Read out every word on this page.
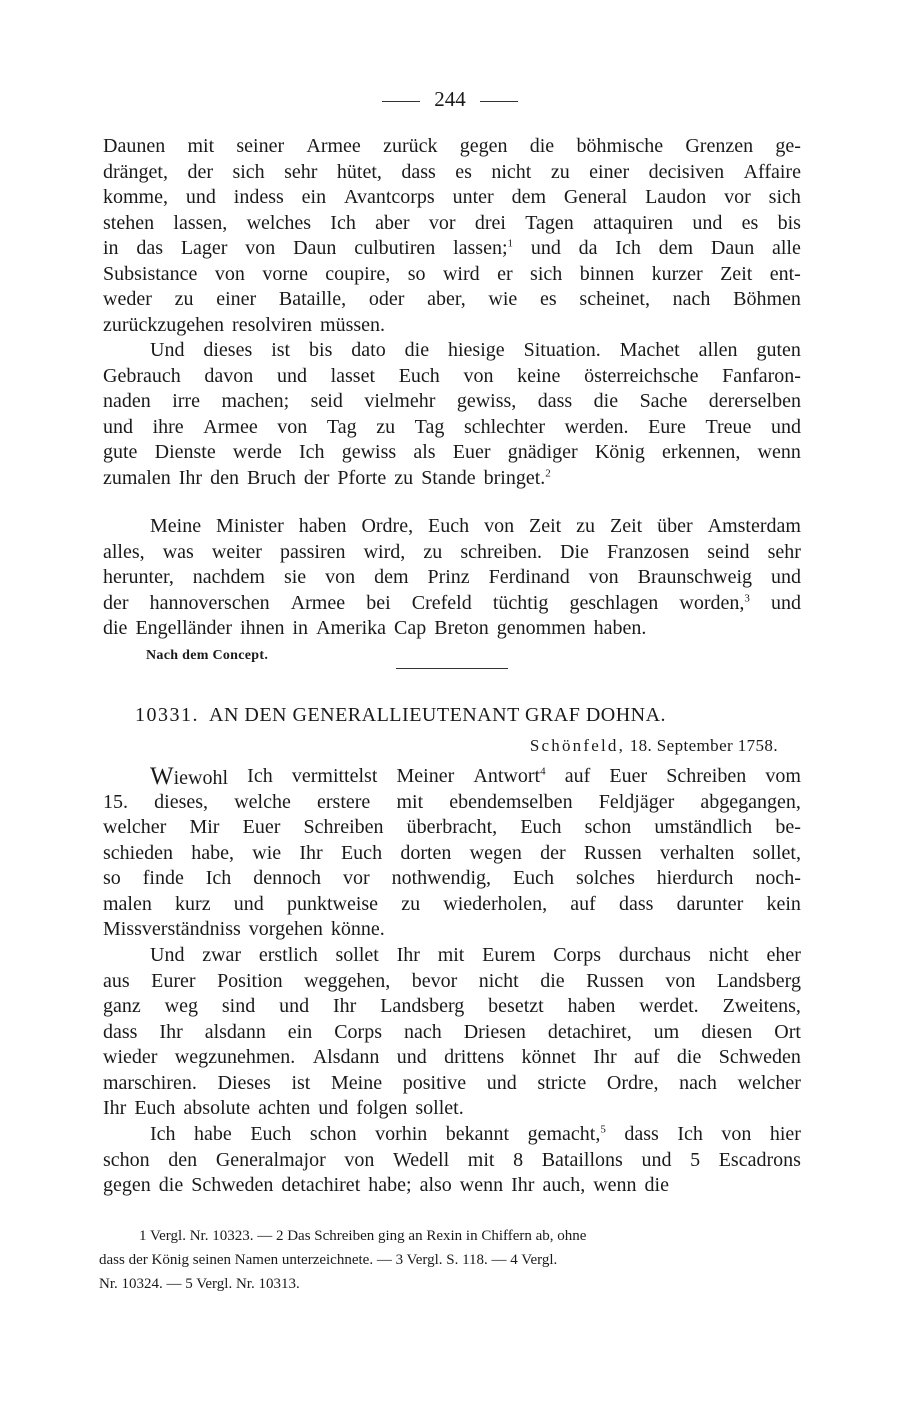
244
Daunen mit seiner Armee zurück gegen die böhmische Grenzen ge-
dränget, der sich sehr hütet, dass es nicht zu einer decisiven Affaire
komme, und indess ein Avantcorps unter dem General Laudon vor sich
stehen lassen, welches Ich aber vor drei Tagen attaquiren und es bis
in das Lager von Daun culbutiren lassen;$^1$ und da Ich dem Daun alle
Subsistance von vorne coupire, so wird er sich binnen kurzer Zeit ent-
weder zu einer Bataille, oder aber, wie es scheinet, nach Böhmen
zurückzugehen resolviren müssen.
Und dieses ist bis dato die hiesige Situation. Machet allen guten
Gebrauch davon und lasset Euch von keine österreichsche Fanfaron-
naden irre machen; seid vielmehr gewiss, dass die Sache dererselben
und ihre Armee von Tag zu Tag schlechter werden. Eure Treue und
gute Dienste werde Ich gewiss als Euer gnädiger König erkennen, wenn
zumalen Ihr den Bruch der Pforte zu Stande bringet.$^2$
Meine Minister haben Ordre, Euch von Zeit zu Zeit über Amsterdam
alles, was weiter passiren wird, zu schreiben. Die Franzosen seind sehr
herunter, nachdem sie von dem Prinz Ferdinand von Braunschweig und
der hannoverschen Armee bei Crefeld tüchtig geschlagen worden,$^3$ und
die Engelländer ihnen in Amerika Cap Breton genommen haben.
Nach dem Concept.
10331. AN DEN GENERALLIEUTENANT GRAF DOHNA.
Schönfeld, 18. September 1758.
Wiewohl Ich vermittelst Meiner Antwort$^4$ auf Euer Schreiben vom
15. dieses, welche erstere mit ebendemselben Feldjäger abgegangen,
welcher Mir Euer Schreiben überbracht, Euch schon umständlich be-
schieden habe, wie Ihr Euch dorten wegen der Russen verhalten sollet,
so finde Ich dennoch vor nothwendig, Euch solches hierdurch noch-
malen kurz und punktweise zu wiederholen, auf dass darunter kein
Missverständniss vorgehen könne.
Und zwar erstlich sollet Ihr mit Eurem Corps durchaus nicht eher
aus Eurer Position weggehen, bevor nicht die Russen von Landsberg
ganz weg sind und Ihr Landsberg besetzt haben werdet. Zweitens,
dass Ihr alsdann ein Corps nach Driesen detachiret, um diesen Ort
wieder wegzunehmen. Alsdann und drittens könnet Ihr auf die Schweden
marschiren. Dieses ist Meine positive und stricte Ordre, nach welcher
Ihr Euch absolute achten und folgen sollet.
Ich habe Euch schon vorhin bekannt gemacht,$^5$ dass Ich von hier
schon den Generalmajor von Wedell mit 8 Bataillons und 5 Escadrons
gegen die Schweden detachiret habe; also wenn Ihr auch, wenn die
1 Vergl. Nr. 10323. — 2 Das Schreiben ging an Rexin in Chiffern ab, ohne
dass der König seinen Namen unterzeichnete. — 3 Vergl. S. 118. — 4 Vergl.
Nr. 10324. — 5 Vergl. Nr. 10313.
